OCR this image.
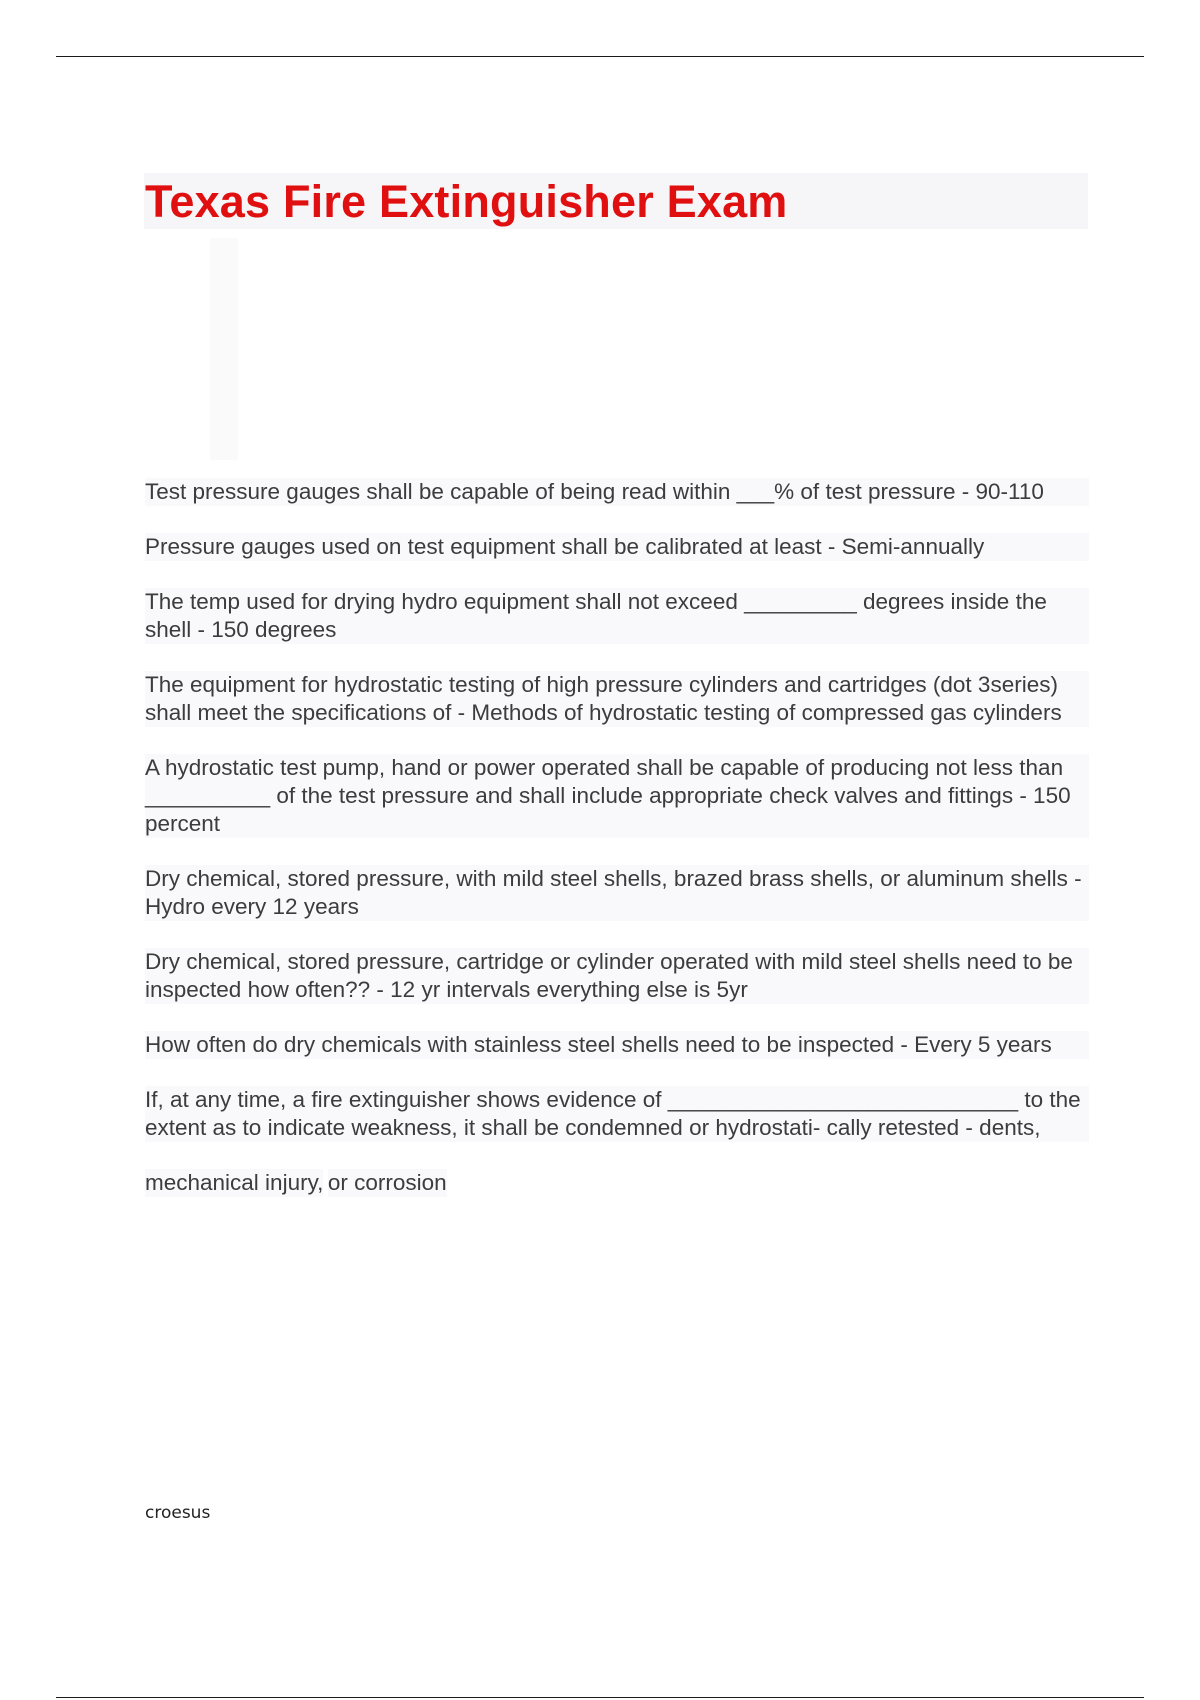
Texas Fire Extinguisher Exam

Test pressure gauges shall be capable of being read within ___% of test pressure - 90-110

Pressure gauges used on test equipment shall be calibrated at least - Semi-annually

The temp used for drying hydro equipment shall not exceed _________ degrees inside the shell - 150 degrees

The equipment for hydrostatic testing of high pressure cylinders and cartridges (dot 3series) shall meet the specifications of - Methods of hydrostatic testing of compressed gas cylinders

A hydrostatic test pump, hand or power operated shall be capable of producing not less than __________ of the test pressure and shall include appropriate check valves and fittings - 150 percent

Dry chemical, stored pressure, with mild steel shells, brazed brass shells, or aluminum shells - Hydro every 12 years

Dry chemical, stored pressure, cartridge or cylinder operated with mild steel shells need to be inspected how often?? - 12 yr intervals everything else is 5yr

How often do dry chemicals with stainless steel shells need to be inspected - Every 5 years

If, at any time, a fire extinguisher shows evidence of ____________________________ to the extent as to indicate weakness, it shall be condemned or hydrostati- cally retested - dents,

mechanical injury,

or corrosion

croesus
